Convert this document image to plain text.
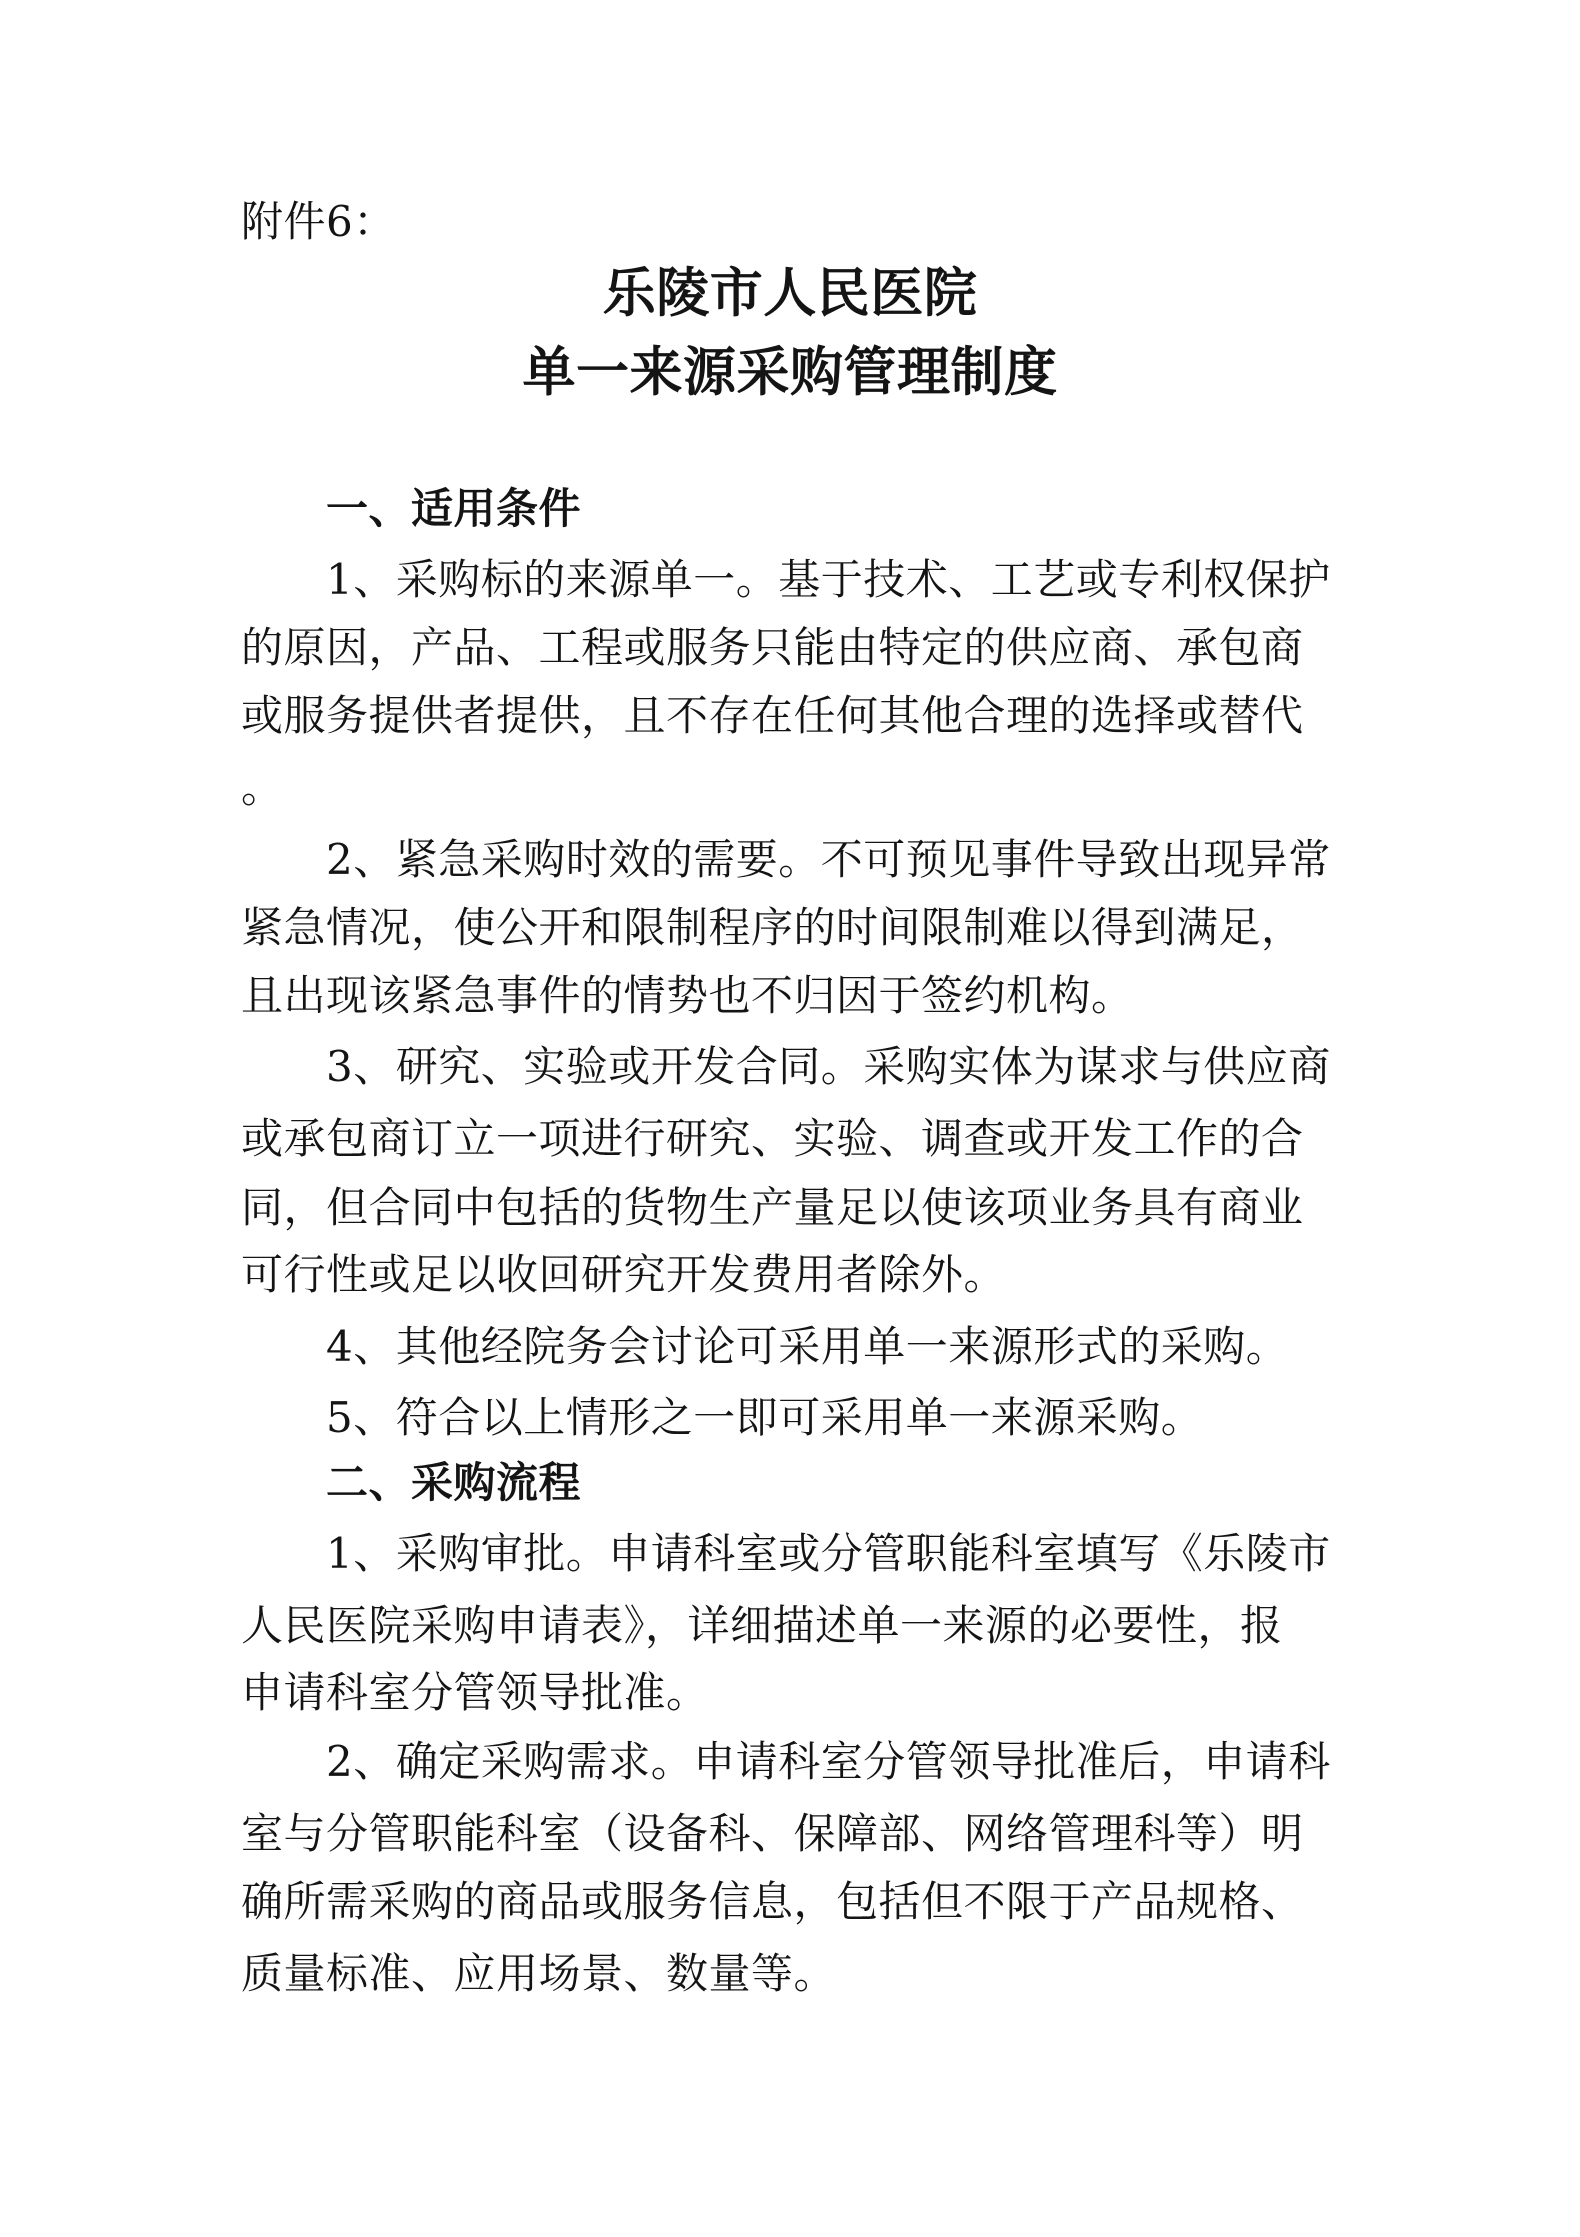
附件6：
乐陵市人民医院
单一来源采购管理制度
一、适用条件
1、采购标的来源单一。基于技术、工艺或专利权保护
的原因，产品、工程或服务只能由特定的供应商、承包商
或服务提供者提供，且不存在任何其他合理的选择或替代
。
2、紧急采购时效的需要。不可预见事件导致出现异常
紧急情况，使公开和限制程序的时间限制难以得到满足，
且出现该紧急事件的情势也不归因于签约机构。
3、研究、实验或开发合同。采购实体为谋求与供应商
或承包商订立一项进行研究、实验、调查或开发工作的合
同，但合同中包括的货物生产量足以使该项业务具有商业
可行性或足以收回研究开发费用者除外。
4、其他经院务会讨论可采用单一来源形式的采购。
5、符合以上情形之一即可采用单一来源采购。
二、采购流程
1、采购审批。申请科室或分管职能科室填写《乐陵市
人民医院采购申请表》，详细描述单一来源的必要性，报
申请科室分管领导批准。
2、确定采购需求。申请科室分管领导批准后，申请科
室与分管职能科室（设备科、保障部、网络管理科等）明
确所需采购的商品或服务信息，包括但不限于产品规格、
质量标准、应用场景、数量等。
